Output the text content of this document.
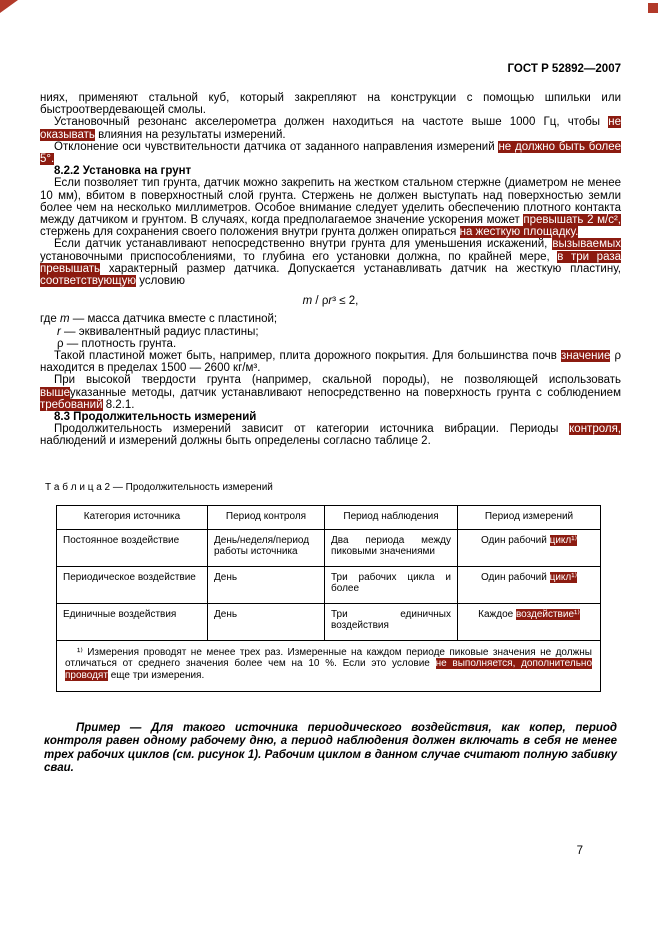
ГОСТ Р 52892—2007

ниях, применяют стальной куб, который закрепляют на конструкции с помощью шпильки или быстроотвердевающей смолы.

Установочный резонанс акселерометра должен находиться на частоте выше 1000 Гц, чтобы не оказывать влияния на результаты измерений.

Отклонение оси чувствительности датчика от заданного направления измерений не должно быть более 5°.

8.2.2 Установка на грунт

Если позволяет тип грунта, датчик можно закрепить на жестком стальном стержне (диаметром не менее 10 мм), вбитом в поверхностный слой грунта. Стержень не должен выступать над поверхностью земли более чем на несколько миллиметров. Особое внимание следует уделить обеспечению плотного контакта между датчиком и грунтом. В случаях, когда предполагаемое значение ускорения может превышать 2 м/с², стержень для сохранения своего положения внутри грунта должен опираться на жесткую площадку.

Если датчик устанавливают непосредственно внутри грунта для уменьшения искажений, вызываемых установочными приспособлениями, то глубина его установки должна, по крайней мере, в три раза превышать характерный размер датчика. Допускается устанавливать датчик на жесткую пластину, соответствующую условию

m / ρr³ ≤ 2,

где m — масса датчика вместе с пластиной;

r — эквивалентный радиус пластины;

ρ — плотность грунта.

Такой пластиной может быть, например, плита дорожного покрытия. Для большинства почв значение ρ находится в пределах 1500 — 2600 кг/м³.

При высокой твердости грунта (например, скальной породы), не позволяющей использовать вышеуказанные методы, датчик устанавливают непосредственно на поверхность грунта с соблюдением требований 8.2.1.

8.3 Продолжительность измерений

Продолжительность измерений зависит от категории источника вибрации. Периоды контроля, наблюдений и измерений должны быть определены согласно таблице 2.

Т а б л и ц а 2 — Продолжительность измерений
Категория источника	Период контроля	Период наблюдения	Период измерений
Постоянное воздействие	День/неделя/период работы источника	Два периода между пиковыми значениями	Один рабочий цикл¹⁾
Периодическое воздействие	День	Три рабочих цикла и более	Один рабочий цикл¹⁾
Единичные воздействия	День	Три единичных воздействия	Каждое воздействие¹⁾
¹⁾ Измерения проводят не менее трех раз. Измеренные на каждом периоде пиковые значения не должны отличаться от среднего значения более чем на 10 %. Если это условие не выполняется, дополнительно проводят еще три измерения.			

Пример — Для такого источника периодического воздействия, как копер, период контроля равен одному рабочему дню, а период наблюдения должен включать в себя не менее трех рабочих циклов (см. рисунок 1). Рабочим циклом в данном случае считают полную забивку сваи.

7
